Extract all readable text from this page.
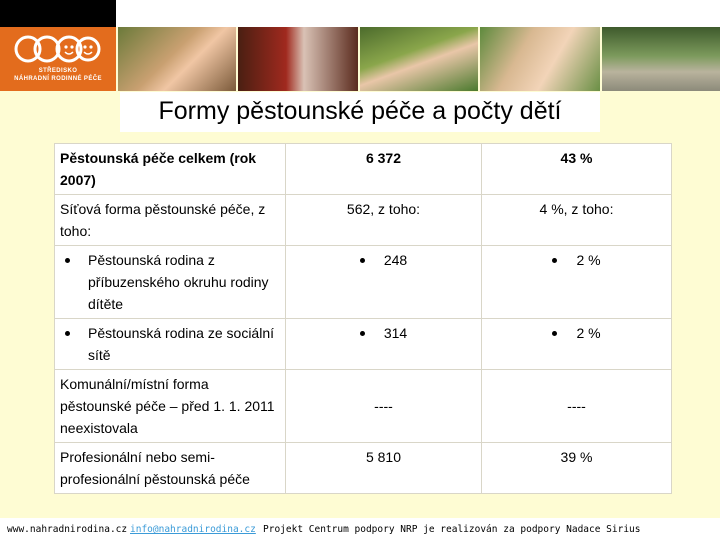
STŘEDISKO
NÁHRADNÍ RODINNÉ PÉČE
Formy pěstounské péče a počty dětí
Pěstounská péče celkem (rok 2007)	6 372	43 %
Síťová forma pěstounské péče, z toho:	562, z toho:	4 %, z toho:

Pěstounská rodina z příbuzenského okruhu rodiny dítěte	248	2 %

Pěstounská rodina ze sociální sítě	314	2 %
Komunální/místní forma pěstounské péče – před 1. 1. 2011 neexistovala	----	----
Profesionální nebo semi-profesionální pěstounská péče	5 810	39 %
www.nahradnirodina.cz info@nahradnirodina.cz Projekt Centrum podpory NRP je realizován za podpory Nadace Sirius
